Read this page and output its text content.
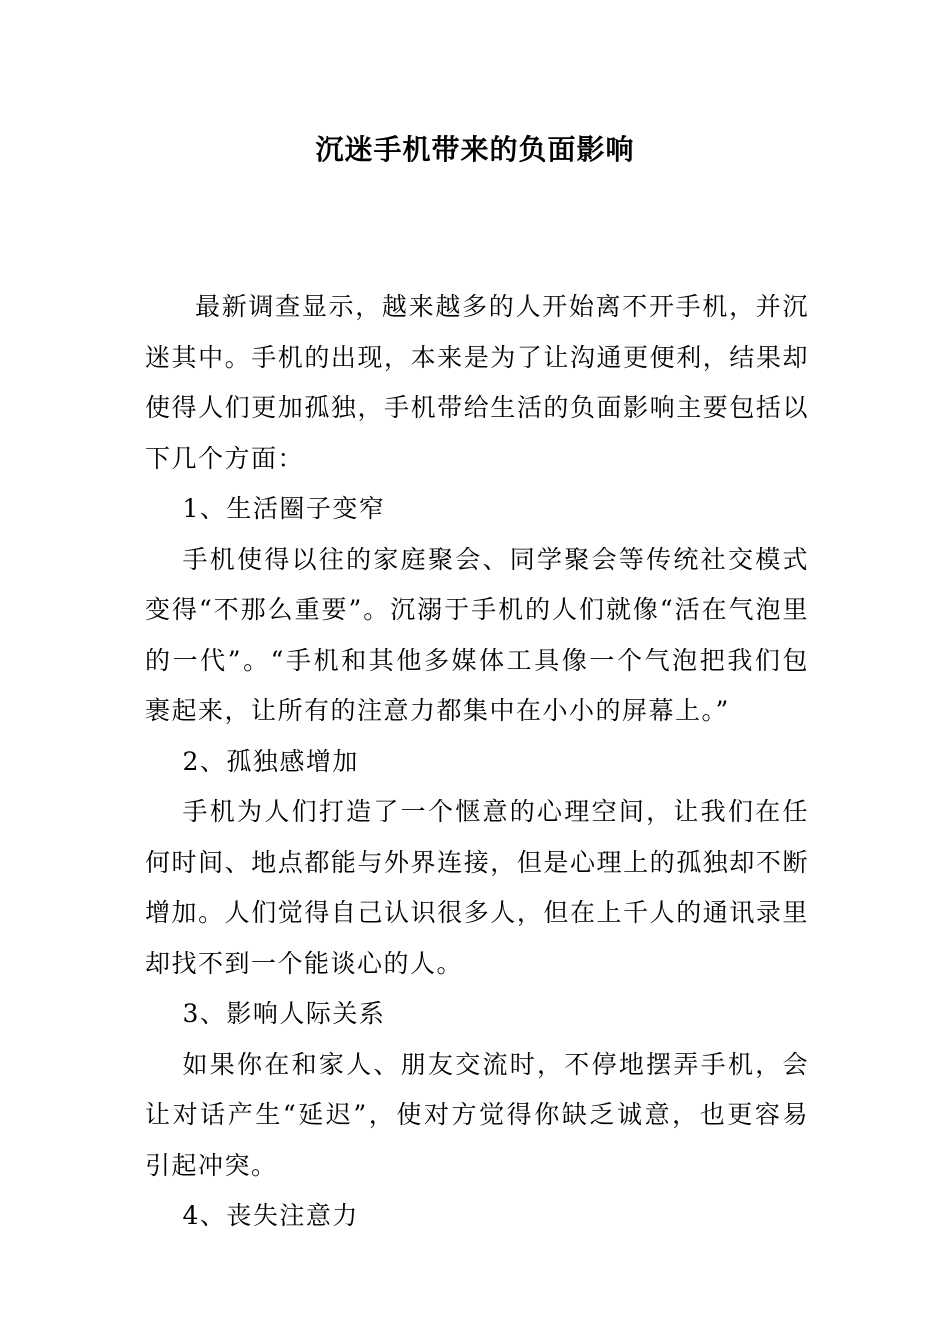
沉迷手机带来的负面影响

最新调查显示，越来越多的人开始离不开手机，并沉迷其中。手机的出现，本来是为了让沟通更便利，结果却使得人们更加孤独，手机带给生活的负面影响主要包括以下几个方面：

1、生活圈子变窄

手机使得以往的家庭聚会、同学聚会等传统社交模式变得“不那么重要”。沉溺于手机的人们就像“活在气泡里的一代”。“手机和其他多媒体工具像一个气泡把我们包裹起来，让所有的注意力都集中在小小的屏幕上。”

2、孤独感增加

手机为人们打造了一个惬意的心理空间，让我们在任何时间、地点都能与外界连接，但是心理上的孤独却不断增加。人们觉得自己认识很多人，但在上千人的通讯录里却找不到一个能谈心的人。

3、影响人际关系

如果你在和家人、朋友交流时，不停地摆弄手机，会让对话产生“延迟”，使对方觉得你缺乏诚意，也更容易引起冲突。

4、丧失注意力
